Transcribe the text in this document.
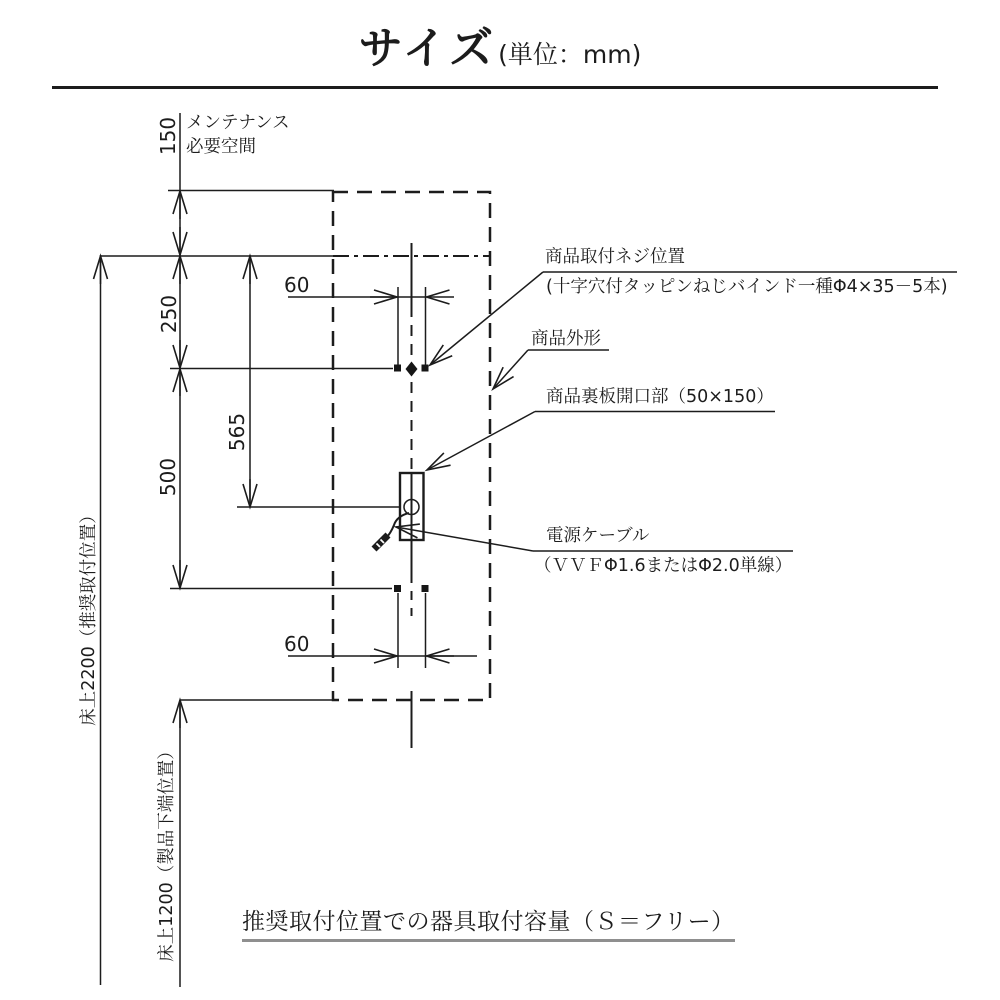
サイズ (単位：mm)
メンテナンス
必要空間
150
250
565
500
60
60
床上2200（推奨取付位置）
床上1200（製品下端位置）
商品取付ネジ位置
(十字穴付タッピンねじバインド一種Φ4×35－5本)
商品外形
商品裏板開口部（50×150）
電源ケーブル
（ＶＶＦΦ1.6またはΦ2.0単線）
推奨取付位置での器具取付容量（Ｓ＝フリー）
